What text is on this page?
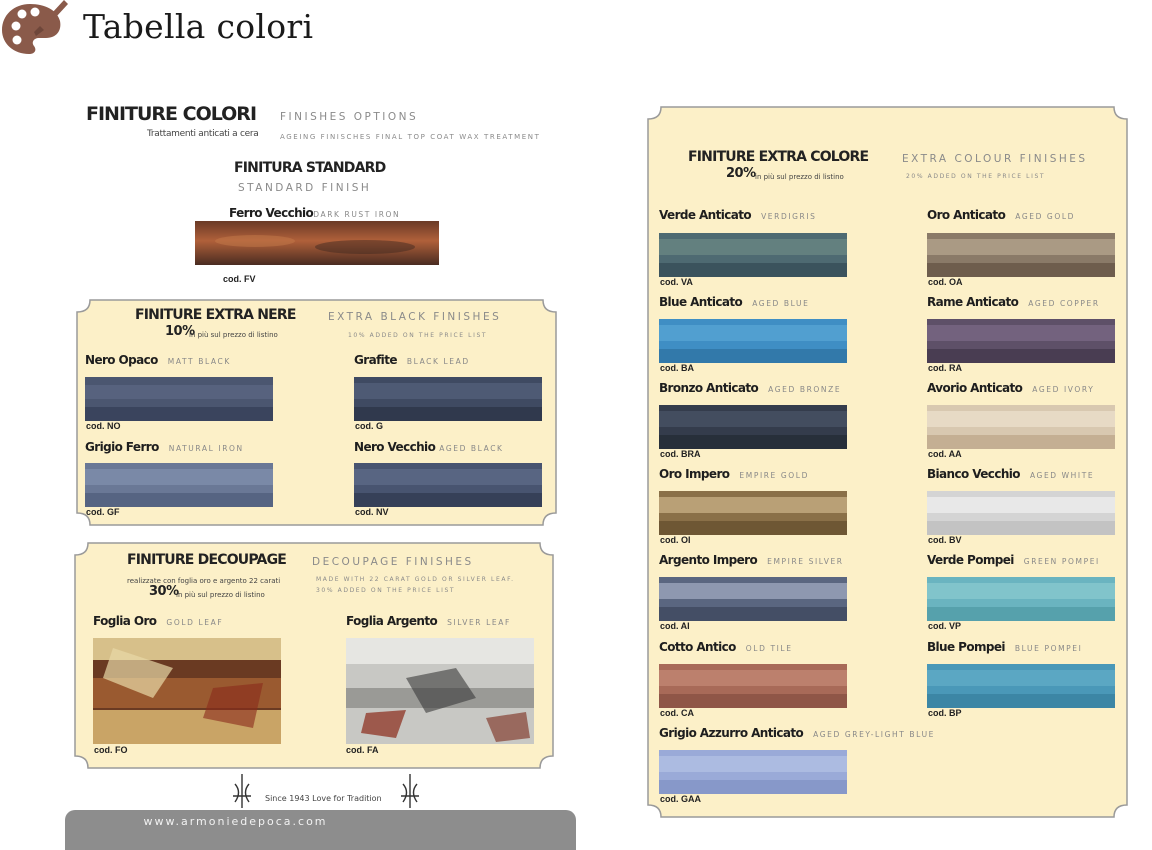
Tabella colori
FINITURE COLORI FINISHES OPTIONS
Trattamenti anticati a cera	AGEING FINISCHES FINAL TOP COAT WAX TREATMENT
FINITURA STANDARD
STANDARD FINISH
Ferro VecchioDARK RUST IRON
cod. FV
FINITURE EXTRA NERE	EXTRA BLACK FINISHES
10%
in più sul prezzo di listino	10% ADDED ON THE PRICE LIST
Nero Opaco MATT BLACK
cod. NO
Grafite BLACK LEAD
cod. G
Grigio Ferro NATURAL IRON
cod. GF
Nero Vecchio AGED BLACK
cod. NV
FINITURE DECOUPAGE DECOUPAGE FINISHES
realizzate con foglia oro e argento 22 carati
30%
in più sul prezzo di listino
MADE WITH 22 CARAT GOLD OR SILVER LEAF.
30% ADDED ON THE PRICE LIST
Foglia Oro GOLD LEAF
cod. FO
Foglia Argento SILVER LEAF
cod. FA
Since 1943 Love for Tradition
www.armoniedepoca.com
FINITURE EXTRA COLORE	EXTRA COLOUR FINISHES
20% in più sul prezzo di listino	20% ADDED ON THE PRICE LIST
Verde Anticato VERDIGRIS
cod. VA
Blue Anticato AGED BLUE
cod. BA
Bronzo Anticato AGED BRONZE
cod. BRA
Oro Impero EMPIRE GOLD
cod. OI
Argento Impero EMPIRE SILVER
cod. AI
Cotto Antico OLD TILE
cod. CA
Grigio Azzurro Anticato AGED GREY-LIGHT BLUE
cod. GAA
Oro Anticato AGED GOLD
cod. OA
Rame Anticato AGED COPPER
cod. RA
Avorio Anticato AGED IVORY
cod. AA
Bianco Vecchio AGED WHITE
cod. BV
Verde Pompei GREEN POMPEI
cod. VP
Blue Pompei BLUE POMPEI
cod. BP
